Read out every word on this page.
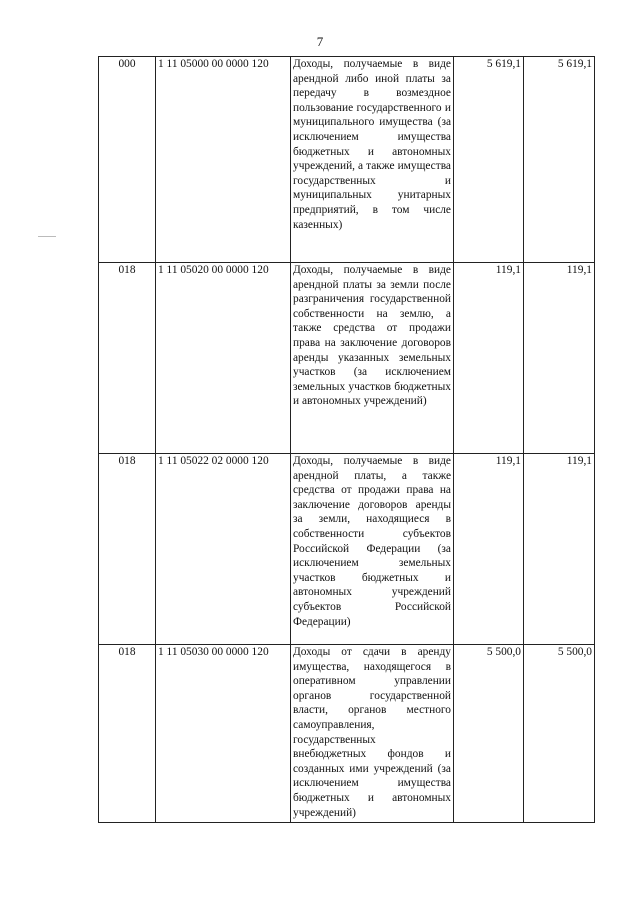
7
000	1 11 05000 00 0000 120	Доходы, получаемые в виде арендной либо иной платы за передачу в возмездное пользование государственного и муниципального имущества (за исключением имущества бюджетных и автономных учреждений, а также имущества государственных и муниципальных унитарных предприятий, в том числе казенных)	5 619,1	5 619,1
018	1 11 05020 00 0000 120	Доходы, получаемые в виде арендной платы за земли после разграничения государственной собственности на землю, а также средства от продажи права на заключение договоров аренды указанных земельных участков (за исключением земельных участков бюджетных и автономных учреждений)	119,1	119,1
018	1 11 05022 02 0000 120	Доходы, получаемые в виде арендной платы, а также средства от продажи права на заключение договоров аренды за земли, находящиеся в собственности субъектов Российской Федерации (за исключением земельных участков бюджетных и автономных учреждений субъектов Российской Федерации)	119,1	119,1
018	1 11 05030 00 0000 120	Доходы от сдачи в аренду имущества, находящегося в оперативном управлении органов государственной власти, органов местного самоуправления, государственных внебюджетных фондов и созданных ими учреждений (за исключением имущества бюджетных и автономных учреждений)	5 500,0	5 500,0
